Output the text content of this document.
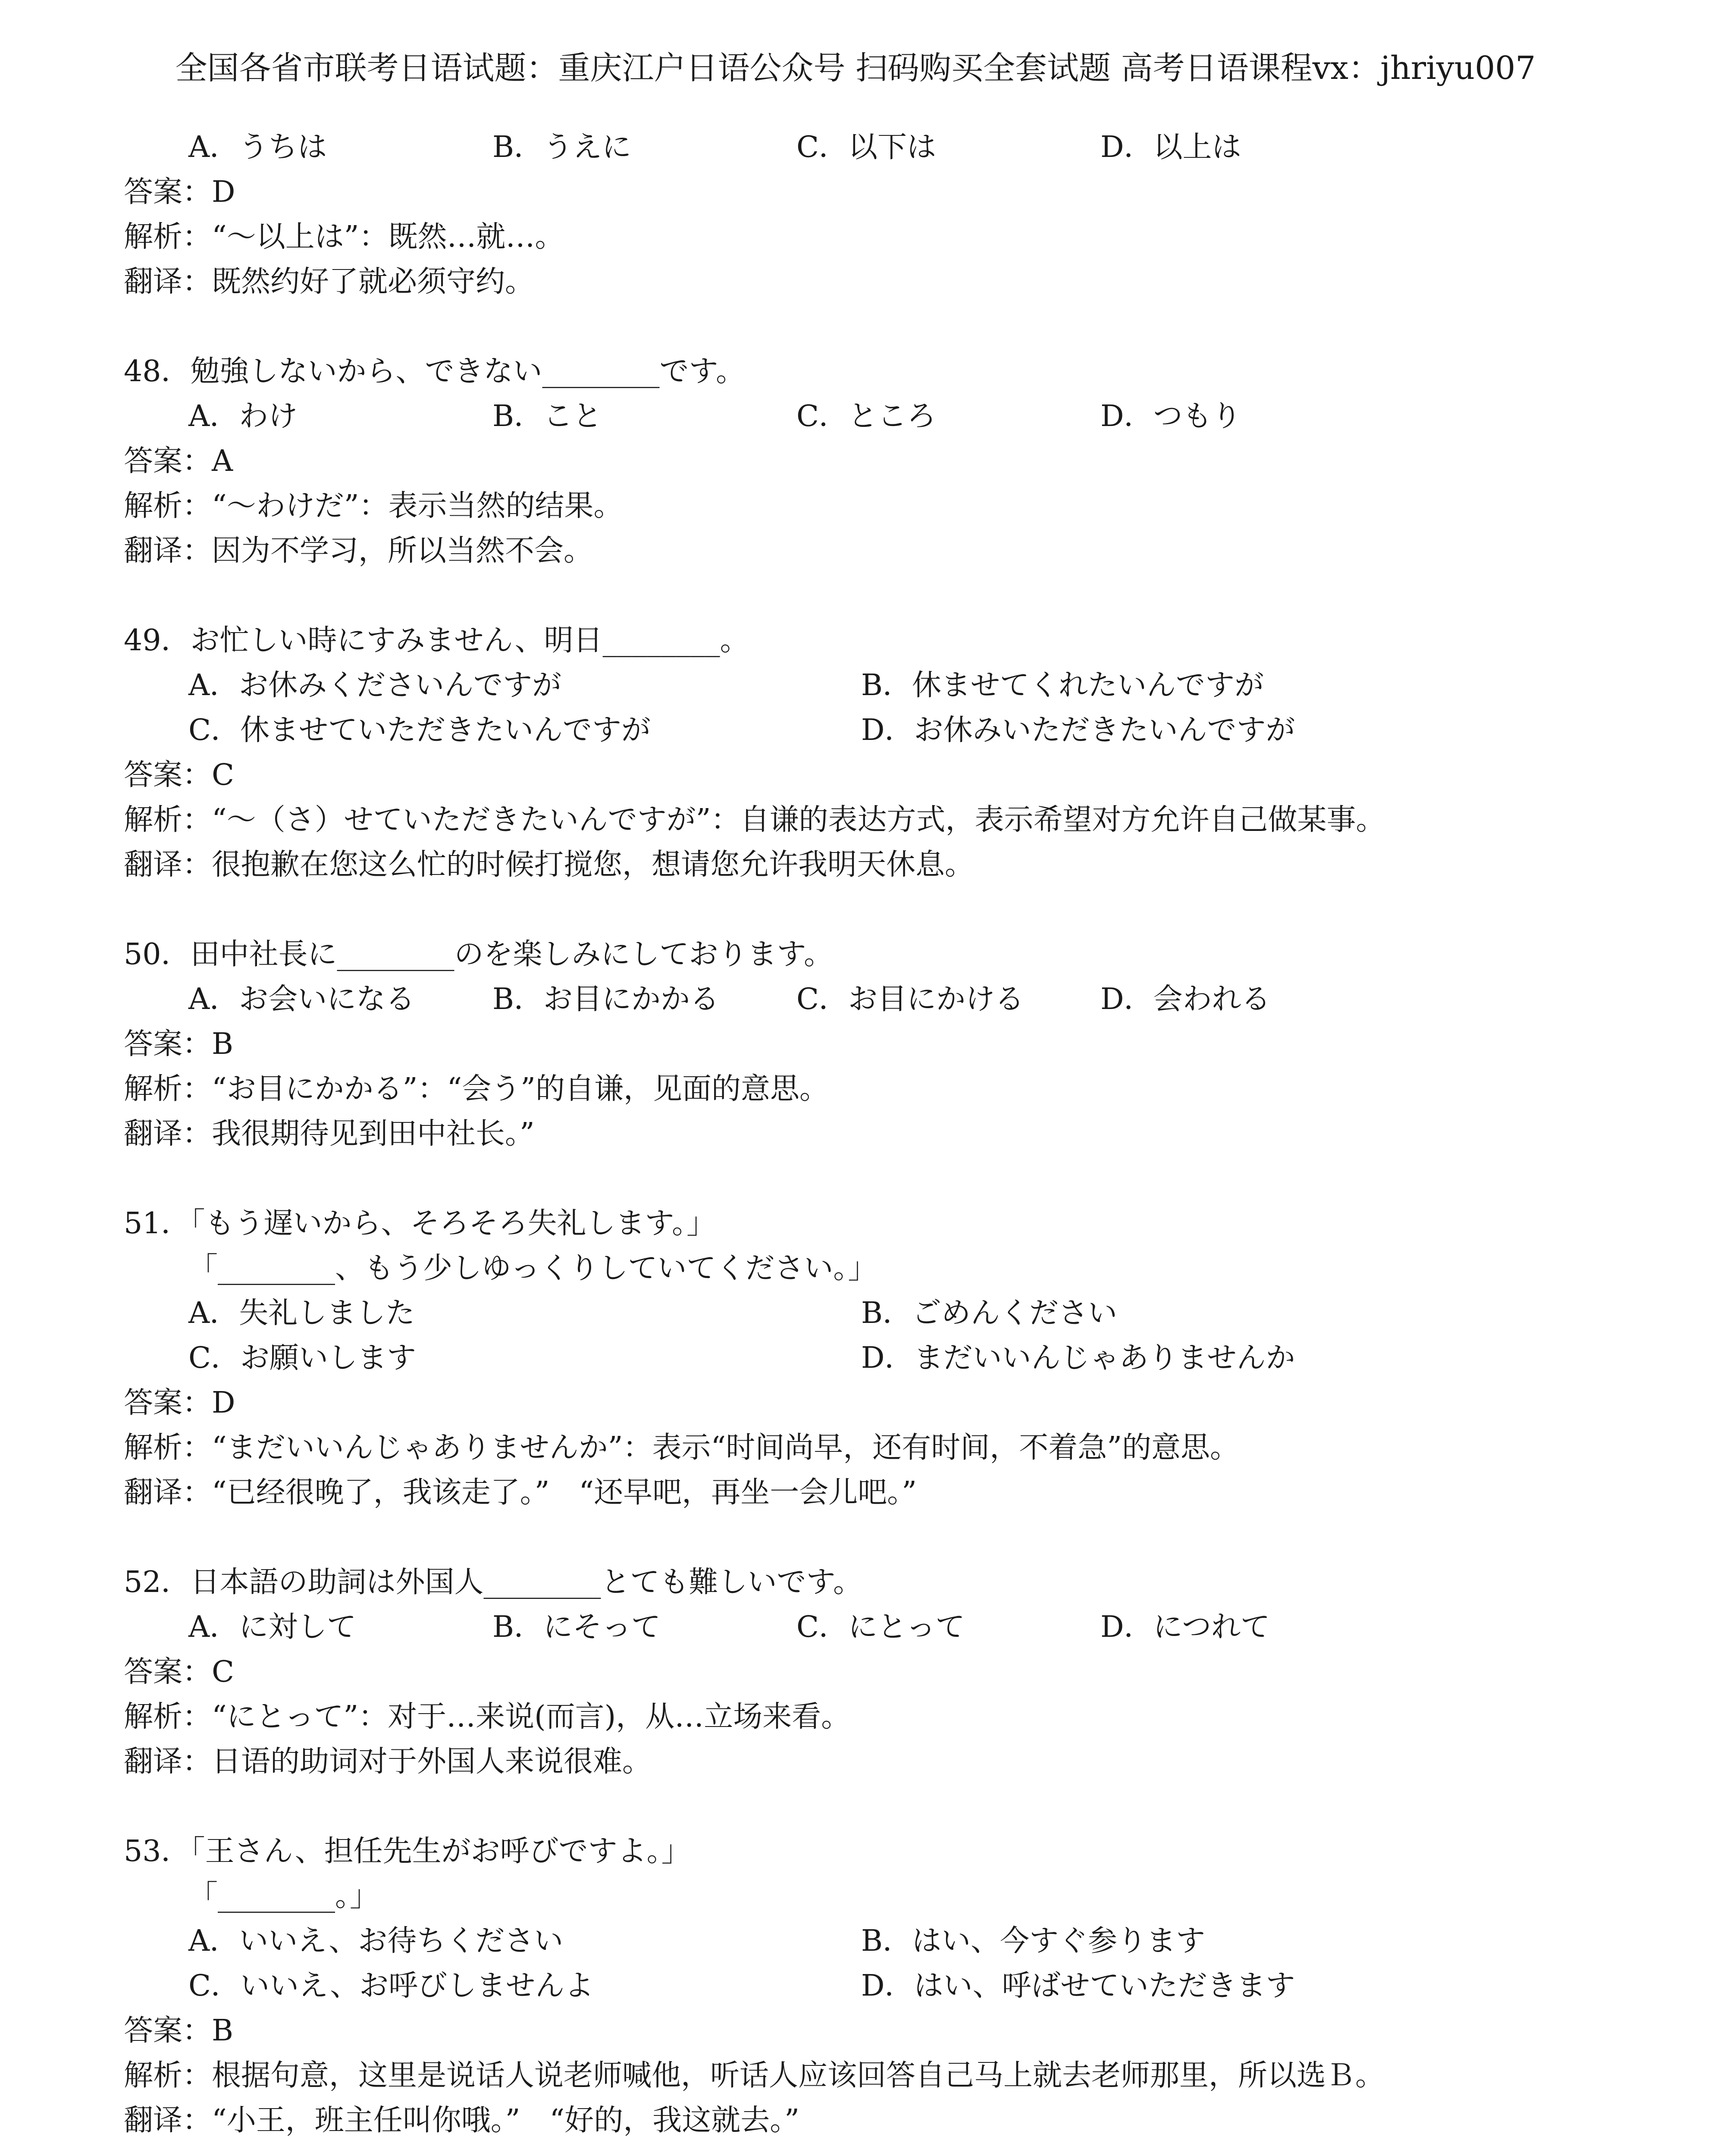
全国各省市联考日语试题：重庆江户日语公众号 扫码购买全套试题 高考日语课程vx：jhriyu007
A．うちは	B．うえに	C．以下は	D．以上は
答案：D
解析：“～以上は”：既然…就…。
翻译：既然约好了就必须守约。
48．勉強しないから、できない________です。
A．わけ	B．こと	C．ところ	D．つもり
答案：A
解析：“～わけだ”：表示当然的结果。
翻译：因为不学习，所以当然不会。
49．お忙しい時にすみません、明日________。
A．お休みくださいんですが	B．休ませてくれたいんですが
C．休ませていただきたいんですが	D．お休みいただきたいんですが
答案：C
解析：“～（さ）せていただきたいんですが”：自谦的表达方式，表示希望对方允许自己做某事。
翻译：很抱歉在您这么忙的时候打搅您，想请您允许我明天休息。
50．田中社長に________のを楽しみにしております。
A．お会いになる	B．お目にかかる	C．お目にかける	D．会われる
答案：B
解析：“お目にかかる”：“会う”的自谦，见面的意思。
翻译：我很期待见到田中社长。”
51．「もう遅いから、そろそろ失礼します。」
「________、もう少しゆっくりしていてください。」
A．失礼しました	B．ごめんください
C．お願いします	D．まだいいんじゃありませんか
答案：D
解析：“まだいいんじゃありませんか”：表示“时间尚早，还有时间，不着急”的意思。
翻译：“已经很晚了，我该走了。”　“还早吧，再坐一会儿吧。”
52．日本語の助詞は外国人________とても難しいです。
A．に対して	B．にそって	C．にとって	D．につれて
答案：C
解析：“にとって”：对于…来说(而言)，从…立场来看。
翻译：日语的助词对于外国人来说很难。
53．「王さん、担任先生がお呼びですよ。」
「________。」
A．いいえ、お待ちください	B．はい、今すぐ参ります
C．いいえ、お呼びしませんよ	D．はい、呼ばせていただきます
答案：B
解析：根据句意，这里是说话人说老师喊他，听话人应该回答自己马上就去老师那里，所以选Ｂ。
翻译：“小王，班主任叫你哦。”　“好的，我这就去。”
